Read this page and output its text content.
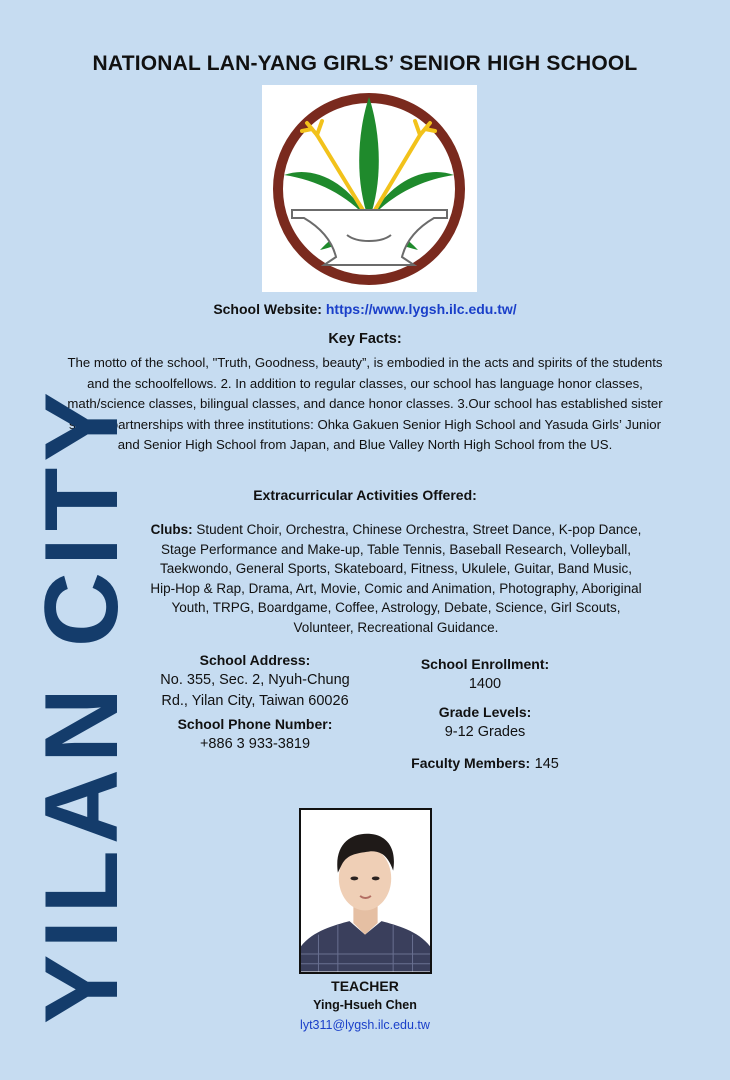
NATIONAL LAN-YANG GIRLS’ SENIOR HIGH SCHOOL
School Website: https://www.lygsh.ilc.edu.tw/
Key Facts:
The motto of the school, "Truth, Goodness, beauty”, is embodied in the acts and spirits of the students and the schoolfellows. 2. In addition to regular classes, our school has language honor classes, math/science classes, bilingual classes, and dance honor classes. 3.Our school has established sister school partnerships with three institutions: Ohka Gakuen Senior High School and Yasuda Girls’ Junior and Senior High School from Japan, and Blue Valley North High School from the US.
Extracurricular Activities Offered:
Clubs: Student Choir, Orchestra, Chinese Orchestra, Street Dance, K-pop Dance, Stage Performance and Make-up, Table Tennis, Baseball Research, Volleyball, Taekwondo, General Sports, Skateboard, Fitness, Ukulele, Guitar, Band Music, Hip-Hop & Rap, Drama, Art, Movie, Comic and Animation, Photography, Aboriginal Youth, TRPG, Boardgame, Coffee, Astrology, Debate, Science, Girl Scouts, Volunteer, Recreational Guidance.
YILAN CITY	School Address:
No. 355, Sec. 2, Nyuh-Chung Rd., Yilan City, Taiwan 60026
School Phone Number:
+886 3 933-3819
School Enrollment:
1400
Grade Levels:
9-12 Grades
Faculty Members: 145
TEACHER
Ying-Hsueh Chen
lyt311@lygsh.ilc.edu.tw
